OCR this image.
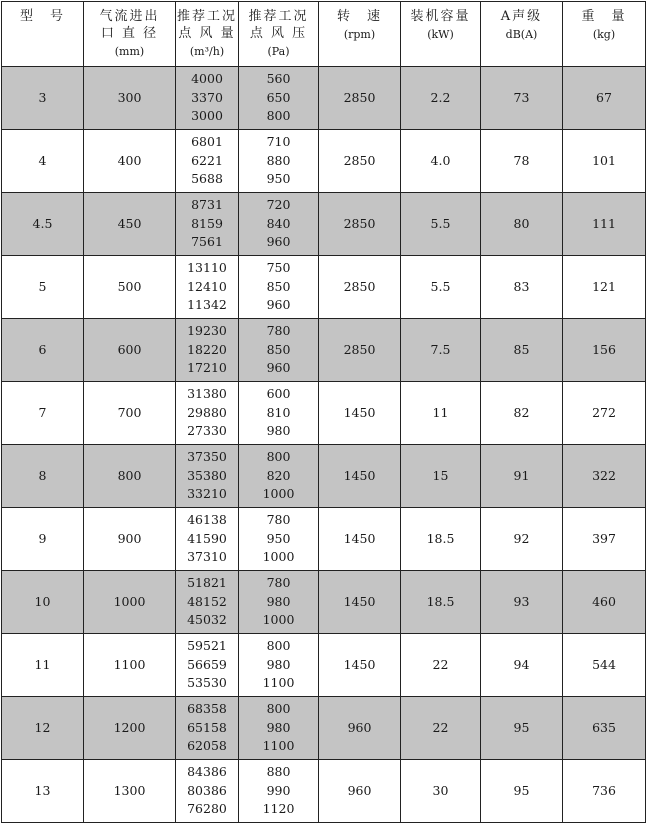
型　号	气流进出
口 直 径
(mm)	推荐工况
点 风 量
(m³/h)	推荐工况
点 风 压
(Pa)	转　速
(rpm)	装机容量
(kW)	A声级
dB(A)	重　量
(kg)

3	300	4000
3370
3000	560
650
800	2850	2.2	73	67
4	400	6801
6221
5688	710
880
950	2850	4.0	78	101
4.5	450	8731
8159
7561	720
840
960	2850	5.5	80	111
5	500	13110
12410
11342	750
850
960	2850	5.5	83	121
6	600	19230
18220
17210	780
850
960	2850	7.5	85	156
7	700	31380
29880
27330	600
810
980	1450	11	82	272
8	800	37350
35380
33210	800
820
1000	1450	15	91	322
9	900	46138
41590
37310	780
950
1000	1450	18.5	92	397
10	1000	51821
48152
45032	780
980
1000	1450	18.5	93	460
11	1100	59521
56659
53530	800
980
1100	1450	22	94	544
12	1200	68358
65158
62058	800
980
1100	960	22	95	635
13	1300	84386
80386
76280	880
990
1120	960	30	95	736
